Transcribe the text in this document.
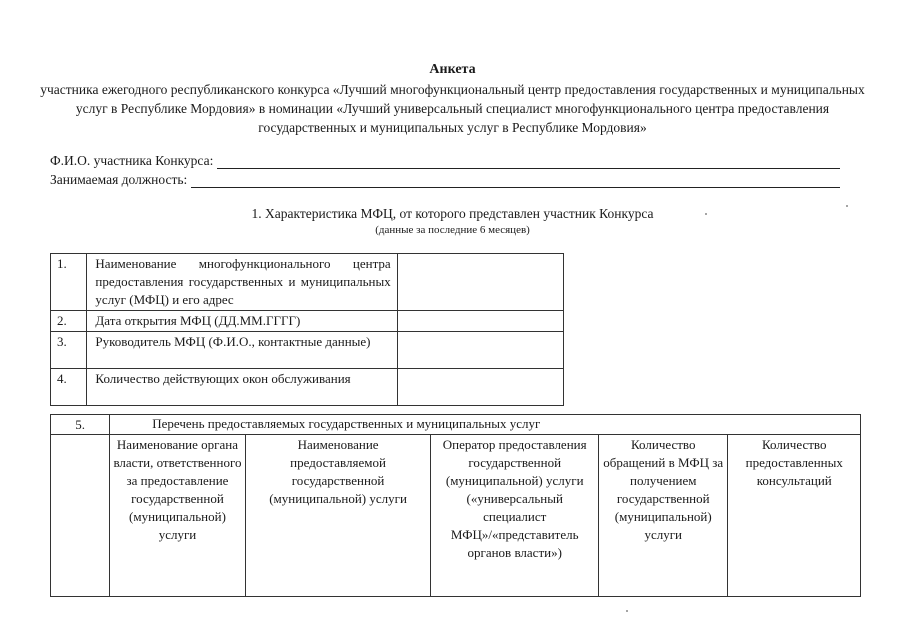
Анкета
участника ежегодного республиканского конкурса «Лучший многофункциональный центр предоставления государственных и муниципальных услуг в Республике Мордовия» в номинации «Лучший универсальный специалист многофункционального центра предоставления государственных и муниципальных услуг в Республике Мордовия»
Ф.И.О. участника Конкурса:
Занимаемая должность:
1. Характеристика МФЦ, от которого представлен участник Конкурса
(данные за последние 6 месяцев)
1.	Наименование многофункционального центра предоставления государственных и муниципальных услуг (МФЦ) и его адрес	
2.	Дата открытия МФЦ (ДД.ММ.ГГГГ)	
3.	Руководитель МФЦ (Ф.И.О., контактные данные)	
4.	Количество действующих окон обслуживания	
5.	Перечень предоставляемых государственных и муниципальных услуг				
	Наименование органа власти, ответственного за предоставление государственной (муниципальной) услуги	Наименование предоставляемой государственной (муниципальной) услуги	Оператор предоставления государственной (муниципальной) услуги («универсальный специалист МФЦ»/«представитель органов власти»)	Количество обращений в МФЦ за получением государственной (муниципальной) услуги	Количество предоставленных консультаций
